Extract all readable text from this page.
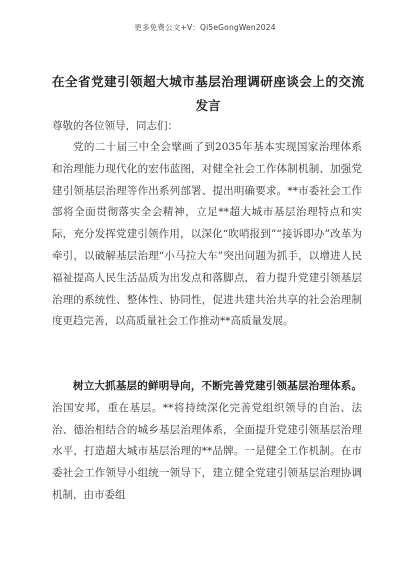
更多免费公文+V：Qi5eGongWen2024
在全省党建引领超大城市基层治理调研座谈会上的交流发言
尊敬的各位领导，同志们：
党的二十届三中全会擘画了到2035年基本实现国家治理体系和治理能力现代化的宏伟蓝图，对健全社会工作体制机制、加强党建引领基层治理等作出系列部署、提出明确要求。**市委社会工作部将全面贯彻落实全会精神，立足**超大城市基层治理特点和实际，充分发挥党建引领作用，以深化“吹哨报到”“接诉即办”改革为牵引，以破解基层治理“小马拉大车”突出问题为抓手，以增进人民福祉提高人民生活品质为出发点和落脚点，着力提升党建引领基层治理的系统性、整体性、协同性，促进共建共治共享的社会治理制度更趋完善，以高质量社会工作推动**高质量发展。
树立大抓基层的鲜明导向，不断完善党建引领基层治理体系。治国安邦，重在基层。**将持续深化完善党组织领导的自治、法治、德治相结合的城乡基层治理体系，全面提升党建引领基层治理水平，打造超大城市基层治理的**品牌。一是健全工作机制。在市委社会工作领导小组统一领导下，建立健全党建引领基层治理协调机制，由市委组
